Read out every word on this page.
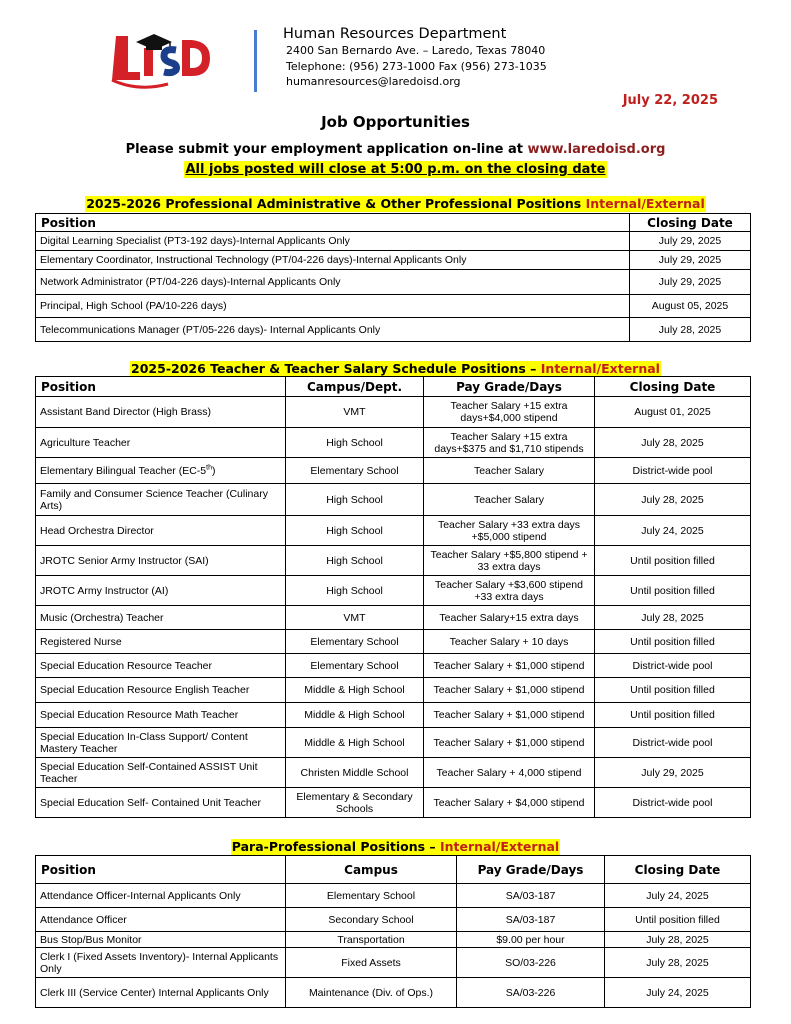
Human Resources Department
2400 San Bernardo Ave. – Laredo, Texas 78040
Telephone: (956) 273-1000 Fax (956) 273-1035
humanresources@laredoisd.org
July 22, 2025
Job Opportunities
Please submit your employment application on-line at www.laredoisd.org
All jobs posted will close at 5:00 p.m. on the closing date
2025-2026 Professional Administrative & Other Professional Positions Internal/External
Position	Closing Date
Digital Learning Specialist (PT3-192 days)-Internal Applicants Only	July 29, 2025
Elementary Coordinator, Instructional Technology (PT/04-226 days)-Internal Applicants Only	July 29, 2025
Network Administrator (PT/04-226 days)-Internal Applicants Only	July 29, 2025
Principal, High School (PA/10-226 days)	August 05, 2025
Telecommunications Manager (PT/05-226 days)- Internal Applicants Only	July 28, 2025
2025-2026 Teacher & Teacher Salary Schedule Positions – Internal/External
Position	Campus/Dept.	Pay Grade/Days	Closing Date
Assistant Band Director (High Brass)	VMT	Teacher Salary +15 extra days+$4,000 stipend	August 01, 2025
Agriculture Teacher	High School	Teacher Salary +15 extra days+$375 and $1,710 stipends	July 28, 2025
Elementary Bilingual Teacher (EC-5th)	Elementary School	Teacher Salary	District-wide pool
Family and Consumer Science Teacher (Culinary Arts)	High School	Teacher Salary	July 28, 2025
Head Orchestra Director	High School	Teacher Salary +33 extra days +$5,000 stipend	July 24, 2025
JROTC Senior Army Instructor (SAI)	High School	Teacher Salary +$5,800 stipend + 33 extra days	Until position filled
JROTC Army Instructor (AI)	High School	Teacher Salary +$3,600 stipend +33 extra days	Until position filled
Music (Orchestra) Teacher	VMT	Teacher Salary+15 extra days	July 28, 2025
Registered Nurse	Elementary School	Teacher Salary + 10 days	Until position filled
Special Education Resource Teacher	Elementary School	Teacher Salary + $1,000 stipend	District-wide pool
Special Education Resource English Teacher	Middle & High School	Teacher Salary + $1,000 stipend	Until position filled
Special Education Resource Math Teacher	Middle & High School	Teacher Salary + $1,000 stipend	Until position filled
Special Education In-Class Support/ Content Mastery Teacher	Middle & High School	Teacher Salary + $1,000 stipend	District-wide pool
Special Education Self-Contained ASSIST Unit Teacher	Christen Middle School	Teacher Salary + 4,000 stipend	July 29, 2025
Special Education Self- Contained Unit Teacher	Elementary & Secondary Schools	Teacher Salary + $4,000 stipend	District-wide pool
Para-Professional Positions – Internal/External
Position	Campus	Pay Grade/Days	Closing Date
Attendance Officer-Internal Applicants Only	Elementary School	SA/03-187	July 24, 2025
Attendance Officer	Secondary School	SA/03-187	Until position filled
Bus Stop/Bus Monitor	Transportation	$9.00 per hour	July 28, 2025
Clerk I (Fixed Assets Inventory)- Internal Applicants Only	Fixed Assets	SO/03-226	July 28, 2025
Clerk III (Service Center) Internal Applicants Only	Maintenance (Div. of Ops.)	SA/03-226	July 24, 2025
